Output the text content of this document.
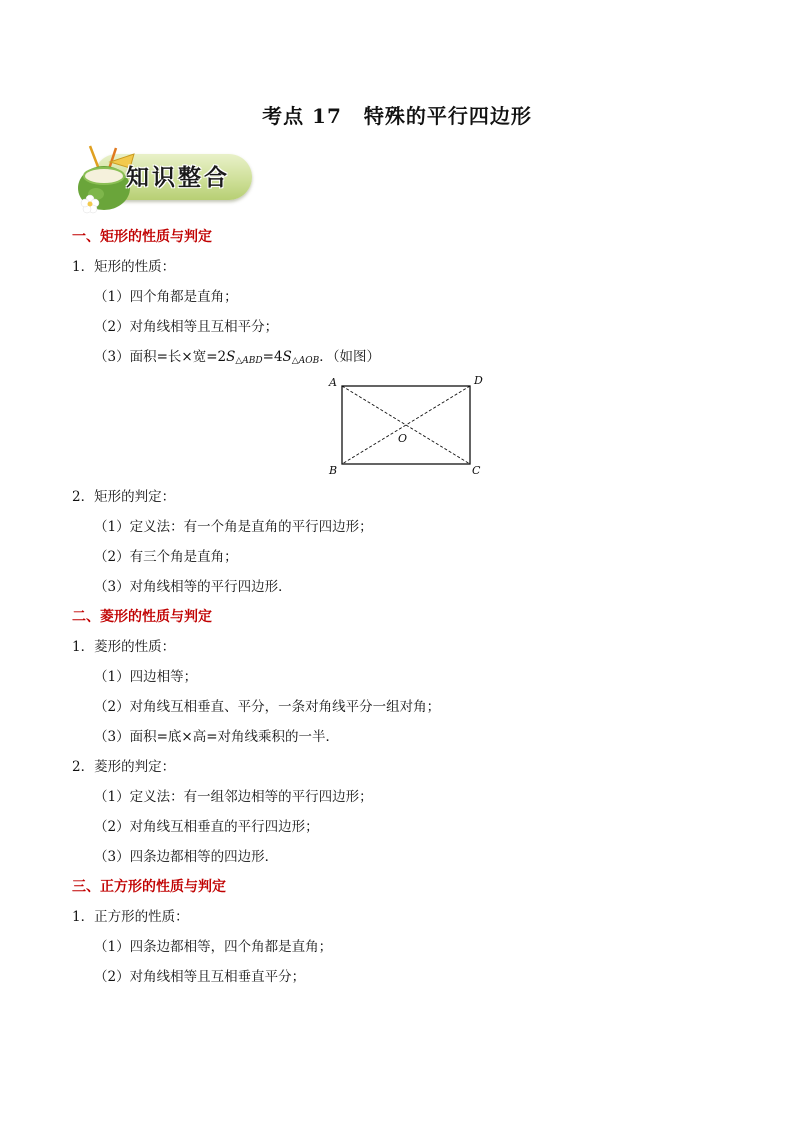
考点 17 特殊的平行四边形
知识整合
一、矩形的性质与判定
1．矩形的性质：
（1）四个角都是直角；
（2）对角线相等且互相平分；
（3）面积=长×宽$=2S_{\triangle ABD}=4S_{\triangle AOB}$．（如图）
A	D
B	C
O
2．矩形的判定：
（1）定义法：有一个角是直角的平行四边形；
（2）有三个角是直角；
（3）对角线相等的平行四边形．
二、菱形的性质与判定
1．菱形的性质：
（1）四边相等；
（2）对角线互相垂直、平分，一条对角线平分一组对角；
（3）面积=底×高=对角线乘积的一半．
2．菱形的判定：
（1）定义法：有一组邻边相等的平行四边形；
（2）对角线互相垂直的平行四边形；
（3）四条边都相等的四边形．
三、正方形的性质与判定
1．正方形的性质：
（1）四条边都相等，四个角都是直角；
（2）对角线相等且互相垂直平分；
